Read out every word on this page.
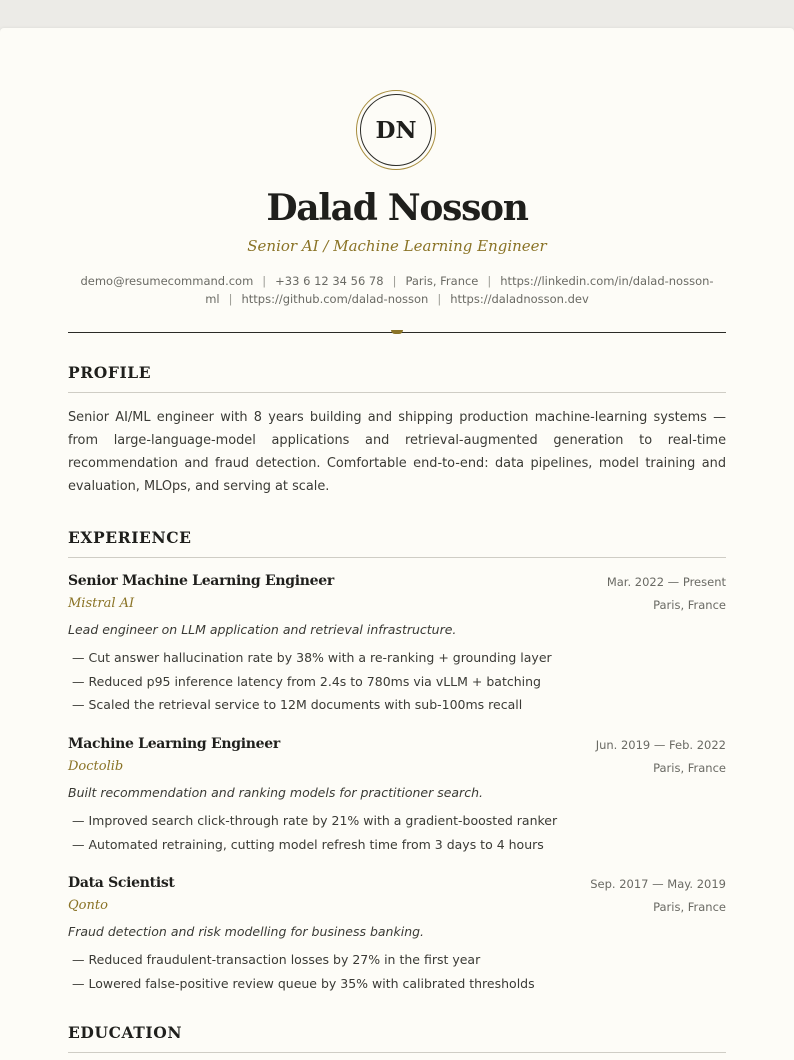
DN
Dalad Nosson
Senior AI / Machine Learning Engineer
demo@resumecommand.com | +33 6 12 34 56 78 | Paris, France | https://linkedin.com/in/dalad-nosson-ml | https://github.com/dalad-nosson | https://daladnosson.dev
PROFILE
Senior AI/ML engineer with 8 years building and shipping production machine-learning systems — from large-language-model applications and retrieval-augmented generation to real-time recommendation and fraud detection. Comfortable end-to-end: data pipelines, model training and evaluation, MLOps, and serving at scale.
EXPERIENCE
Senior Machine Learning Engineer	Mar. 2022 — Present
Mistral AI	Paris, France
Lead engineer on LLM application and retrieval infrastructure.
— Cut answer hallucination rate by 38% with a re-ranking + grounding layer
— Reduced p95 inference latency from 2.4s to 780ms via vLLM + batching
— Scaled the retrieval service to 12M documents with sub-100ms recall
Machine Learning Engineer	Jun. 2019 — Feb. 2022
Doctolib	Paris, France
Built recommendation and ranking models for practitioner search.
— Improved search click-through rate by 21% with a gradient-boosted ranker
— Automated retraining, cutting model refresh time from 3 days to 4 hours
Data Scientist	Sep. 2017 — May. 2019
Qonto	Paris, France
Fraud detection and risk modelling for business banking.
— Reduced fraudulent-transaction losses by 27% in the first year
— Lowered false-positive review queue by 35% with calibrated thresholds
EDUCATION
